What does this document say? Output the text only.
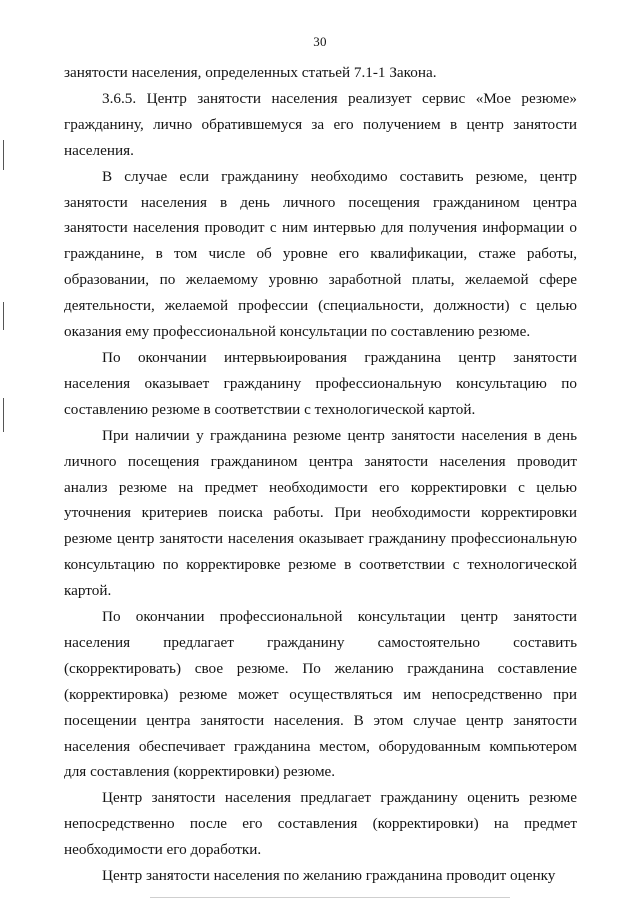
30

занятости населения, определенных статьей 7.1-1 Закона.

3.6.5. Центр занятости населения реализует сервис «Мое резюме» гражданину, лично обратившемуся за его получением в центр занятости населения.

В случае если гражданину необходимо составить резюме, центр занятости населения в день личного посещения гражданином центра занятости населения проводит с ним интервью для получения информации о гражданине, в том числе об уровне его квалификации, стаже работы, образовании, по желаемому уровню заработной платы, желаемой сфере деятельности, желаемой профессии (специальности, должности) с целью оказания ему профессиональной консультации по составлению резюме.

По окончании интервьюирования гражданина центр занятости населения оказывает гражданину профессиональную консультацию по составлению резюме в соответствии с технологической картой.

При наличии у гражданина резюме центр занятости населения в день личного посещения гражданином центра занятости населения проводит анализ резюме на предмет необходимости его корректировки с целью уточнения критериев поиска работы. При необходимости корректировки резюме центр занятости населения оказывает гражданину профессиональную консультацию по корректировке резюме в соответствии с технологической картой.

По окончании профессиональной консультации центр занятости населения предлагает гражданину самостоятельно составить (скорректировать) свое резюме. По желанию гражданина составление (корректировка) резюме может осуществляться им непосредственно при посещении центра занятости населения. В этом случае центр занятости населения обеспечивает гражданина местом, оборудованным компьютером для составления (корректировки) резюме.

Центр занятости населения предлагает гражданину оценить резюме непосредственно после его составления (корректировки) на предмет необходимости его доработки.

Центр занятости населения по желанию гражданина проводит оценку
